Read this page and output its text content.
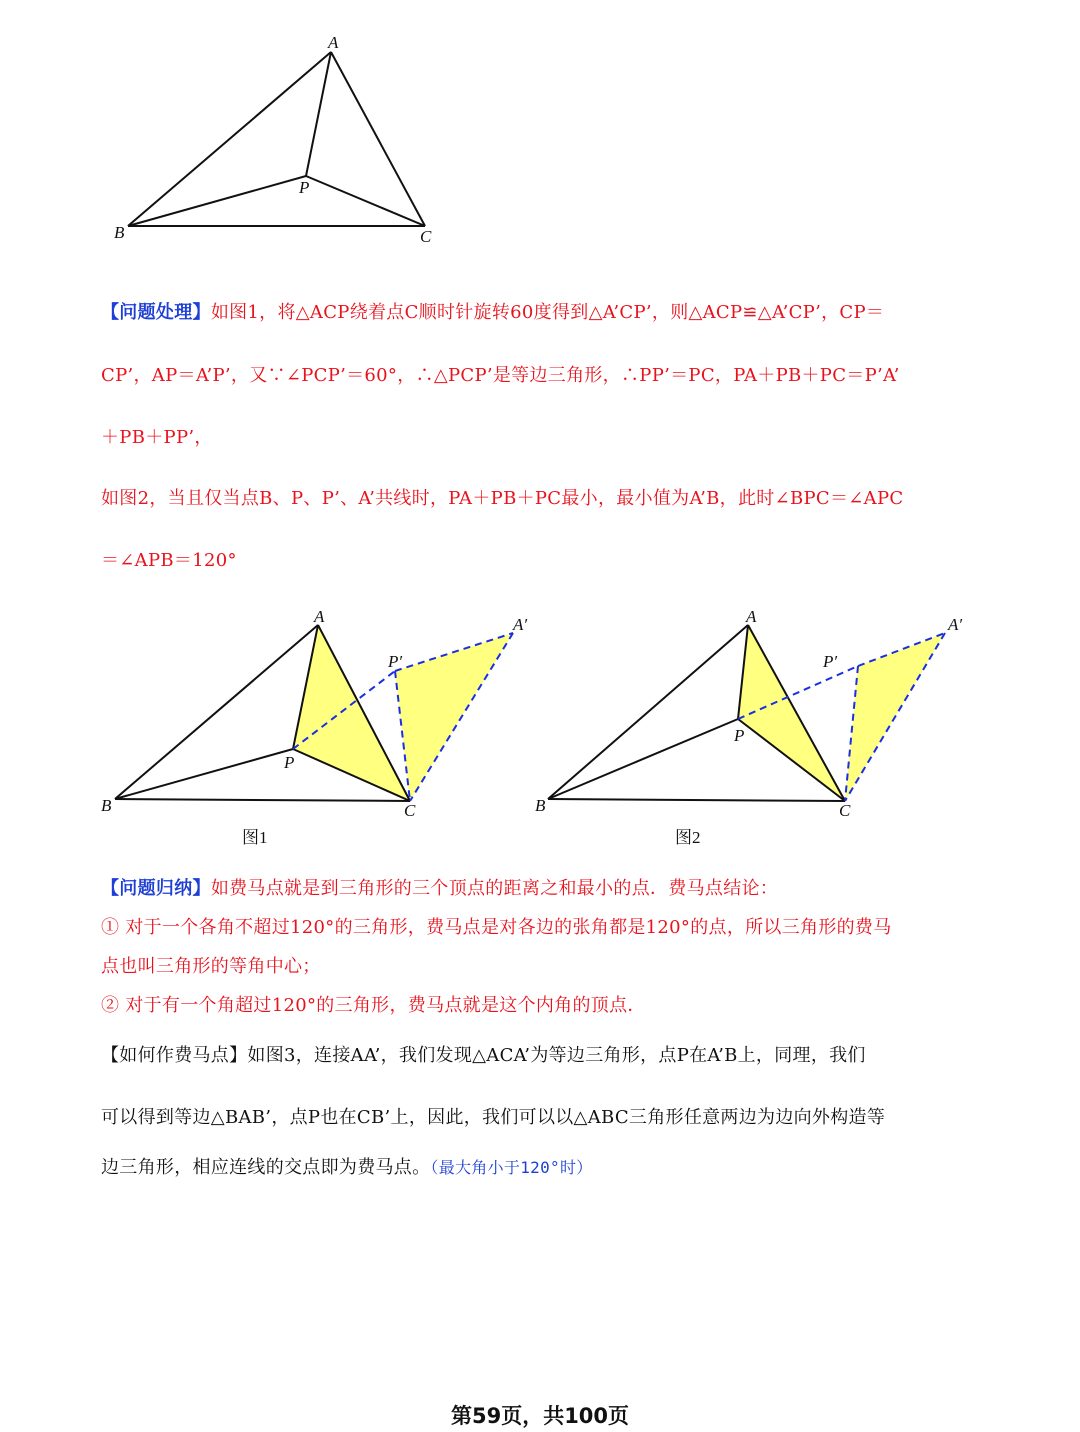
A
B	C
P
【问题处理】如图1，将△ACP绕着点C顺时针旋转60度得到△A’CP’，则△ACP≌△A’CP’，CP＝
CP’，AP＝A’P’，又∵∠PCP’＝60°，∴△PCP’是等边三角形，∴PP’＝PC，PA＋PB＋PC＝P’A’
＋PB＋PP’，
如图2，当且仅当点B、P、P’、A’共线时，PA＋PB＋PC最小，最小值为A’B，此时∠BPC＝∠APC
＝∠APB＝120°
A
B	C
P
A′
P′
图1
A
B	C
P
A′
P′
图2
【问题归纳】如费马点就是到三角形的三个顶点的距离之和最小的点．费马点结论：
① 对于一个各角不超过120°的三角形，费马点是对各边的张角都是120°的点，所以三角形的费马
点也叫三角形的等角中心；
② 对于有一个角超过120°的三角形，费马点就是这个内角的顶点．
【如何作费马点】如图3，连接AA’，我们发现△ACA’为等边三角形，点P在A’B上，同理，我们
可以得到等边△BAB’，点P也在CB’上，因此，我们可以以△ABC三角形任意两边为边向外构造等
边三角形，相应连线的交点即为费马点。（最大角小于120°时）
第59页，共100页
